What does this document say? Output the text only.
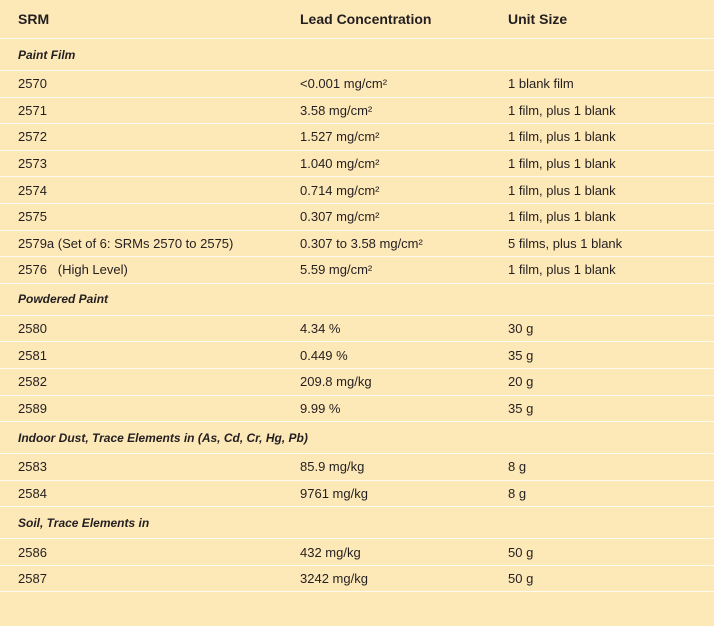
SRM	Lead Concentration	Unit Size
Paint Film
2570	<0.001 mg/cm²	1 blank film
2571	3.58 mg/cm²	1 film, plus 1 blank
2572	1.527 mg/cm²	1 film, plus 1 blank
2573	1.040 mg/cm²	1 film, plus 1 blank
2574	0.714 mg/cm²	1 film, plus 1 blank
2575	0.307 mg/cm²	1 film, plus 1 blank
2579a (Set of 6: SRMs 2570 to 2575)	0.307 to 3.58 mg/cm²	5 films, plus 1 blank
2576   (High Level)	5.59 mg/cm²	1 film, plus 1 blank
Powdered Paint
2580	4.34 %	30 g
2581	0.449 %	35 g
2582	209.8 mg/kg	20 g
2589	9.99 %	35 g
Indoor Dust, Trace Elements in (As, Cd, Cr, Hg, Pb)
2583	85.9 mg/kg	8 g
2584	9761 mg/kg	8 g
Soil, Trace Elements in
2586	432 mg/kg	50 g
2587	3242 mg/kg	50 g
